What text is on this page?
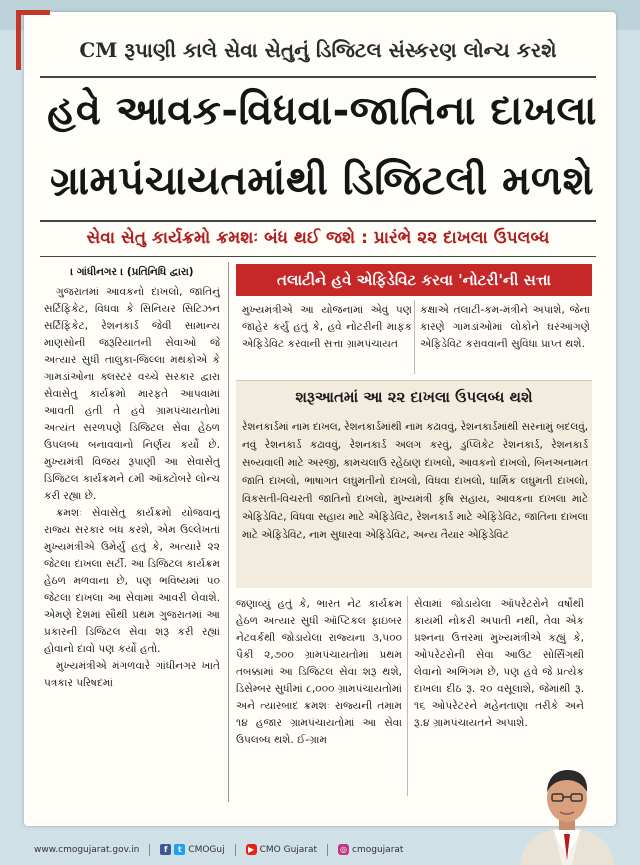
CM રૂપાણી કાલે સેવા સેતુનું ડિજિટલ સંસ્કરણ લોન્ચ કરશે
હવે આવક-વિધવા-જાતિના દાખલા
ગ્રામપંચાયતમાંથી ડિજિટલી મળશે
સેવા સેતુ કાર્યક્રમો ક્રમશઃ બંધ થઈ જશે : પ્રારંભે ૨૨ દાખલા ઉપલબ્ધ
। ગાંધીનગર । (પ્રતિનિધિ દ્વારા)

ગુજરાતમાં આવકનો દાખલો, જાતિનું સર્ટિફિકેટ, વિધવા કે સિનિયર સિટિઝન સર્ટિફિકેટ, રેશનકાર્ડ જેવી સામાન્ય માણસોની જરૂરિયાતની સેવાઓ જે અત્યાર સુધી તાલુકા-જિલ્લા મથકોએ કે ગામડાંઓના ક્લસ્ટર વચ્ચે સરકાર દ્વારા સેવાસેતુ કાર્યક્રમો મારફતે આપવામાં આવતી હતી તે હવે ગ્રામપંચાયતોમાં અત્યંત સરળપણે ડિજિટલ સેવા હેઠળ ઉપલબ્ધ બનાવવાનો નિર્ણય કર્યો છે. મુખ્યમંત્રી વિજય રૂપાણી આ સેવાસેતુ ડિજિટલ કાર્યક્રમને ૮મી ઑક્ટોબરે લોન્ચ કરી રહ્યા છે.

ક્રમશઃ સેવાસેતુ કાર્યક્રમો યોજવાનું રાજ્ય સરકાર બંધ કરશે, એમ ઉલ્લેખતાં મુખ્યમંત્રીએ ઉમેર્યું હતું કે, અત્યારે ૨૨ જેટલા દાખલા સર્ટી. આ ડિજિટલ કાર્યક્રમ હેઠળ મળવાના છે, પણ ભવિષ્યમાં ૫૦ જેટલા દાખલા આ સેવામાં આવરી લેવાશે. એમણે દેશમાં સૌથી પ્રથમ ગુજરાતમાં આ પ્રકારની ડિજિટલ સેવા શરૂ કરી રહ્યાં હોવાનો દાવો પણ કર્યો હતો.

મુખ્યમંત્રીએ મંગળવારે ગાંધીનગર ખાતે પત્રકાર પરિષદમાં

તલાટીને હવે એફિડેવિટ કરવા 'નોટરી'ની સત્તા
મુખ્યમંત્રીએ આ યોજનામાં એવું પણ જાહેર કર્યું હતું કે, હવે નોટરીની માફક એફિડેવિટ કરવાની સત્તા ગ્રામપંચાયત
કક્ષાએ તલાટી-કમ-મંત્રીને અપાશે, જેના કારણે ગામડાંઓમાં લોકોને ઘરઆંગણે એફિડેવિટ કરાવવાની સુવિધા પ્રાપ્ત થશે.
શરૂઆતમાં આ ૨૨ દાખલા ઉપલબ્ધ થશે
રેશનકાર્ડમાં નામ દાખલ, રેશનકાર્ડમાંથી નામ કઢાવવું, રેશનકાર્ડમાંથી સરનામું બદલવું, નવું રેશનકાર્ડ કઢાવવું, રેશનકાર્ડ અલગ કરવું, ડુપ્લિકેટ રેશનકાર્ડ, રેશનકાર્ડ સબ્યવાલી માટે અરજી, કામચલાઉ રહેઠાણ દાખલો, આવકનો દાખલો, બિનઅનામત જાતિ દાખલો, ભાષાગત લઘુમતીનો દાખલો, વિધવા દાખલો, ધાર્મિક લઘુમતી દાખલો, વિકસતી-વિચરતી જાતિનો દાખલો, મુખ્યમંત્રી કૃષિ સહાય, આવકના દાખલા માટે એફિડેવિટ, વિધવા સહાય માટે એફિડેવિટ, રેશનકાર્ડ માટે એફિડેવિટ, જાતિના દાખલા માટે એફિડેવિટ, નામ સુધારવા એફિડેવિટ, અન્ય તૈયાર એફિડેવિટ
જણાવ્યું હતું કે, ભારત નેટ કાર્યક્રમ હેઠળ અત્યાર સુધી ઑપ્ટિકલ ફાઇબર નેટવર્કથી જોડાયેલા રાજ્યના ૩,૫૦૦ પૈકી ૨,૭૦૦ ગ્રામપંચાયતોમાં પ્રથમ તબક્કામાં આ ડિજિટલ સેવા શરૂ થશે, ડિસેમ્બર સુધીમાં ૮,૦૦૦ ગ્રામપંચાયતોમાં અને ત્યારબાદ ક્રમશઃ રાજ્યની તમામ ૧૪ હજાર ગ્રામપંચાયતોમાં આ સેવા ઉપલબ્ધ થશે. ઈ-ગ્રામ
સેવામાં જોડાયેલા ઑપરેટરોને વર્ષોથી કાયમી નોકરી અપાતી નથી, તેવા એક પ્રશ્નના ઉત્તરમાં મુખ્યમંત્રીએ કહ્યું કે, ઓપરેટરોની સેવા આઉટ સોર્સિંગથી લેવાનો અભિગમ છે, પણ હવે જે પ્રત્યેક દાખલા દીઠ રૂ. ૨૦ વસૂલાશે, જેમાંથી રૂ. ૧૬ ઓપરેટરને મહેનતાણા તરીકે અને રૂ.૪ ગ્રામપંચાયતને અપાશે.
www.cmogujarat.gov.in	f	t CMOGuj	▶ CMO Gujarat	◎ cmogujarat
